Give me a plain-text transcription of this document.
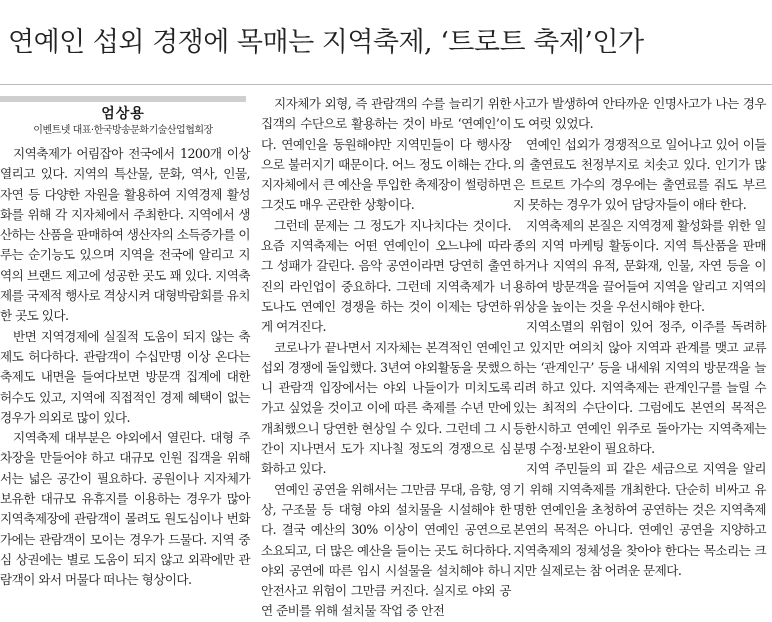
연예인 섭외 경쟁에 목매는 지역축제, ‘트로트 축제’인가
엄상용
이벤트넷 대표·한국방송문화기술산업협회장

지역축제가 어림잡아 전국에서 1200개 이상 열리고 있다. 지역의 특산물, 문화, 역사, 인물, 자연 등 다양한 자원을 활용하여 지역경제 활성화를 위해 각 지자체에서 주최한다. 지역에서 생산하는 산품을 판매하여 생산자의 소득증가를 이루는 순기능도 있으며 지역을 전국에 알리고 지역의 브랜드 제고에 성공한 곳도 꽤 있다. 지역축제를 국제적 행사로 격상시켜 대형박람회를 유치한 곳도 있다.

반면 지역경제에 실질적 도움이 되지 않는 축제도 허다하다. 관람객이 수십만명 이상 온다는 축제도 내면을 들여다보면 방문객 집계에 대한 허수도 있고, 지역에 직접적인 경제 혜택이 없는 경우가 의외로 많이 있다.

지역축제 대부분은 야외에서 열린다. 대형 주차장을 만들어야 하고 대규모 인원 집객을 위해서는 넓은 공간이 필요하다. 공원이나 지자체가 보유한 대규모 유휴지를 이용하는 경우가 많아 지역축제장에 관람객이 몰려도 원도심이나 번화가에는 관람객이 모이는 경우가 드물다. 지역 중심 상권에는 별로 도움이 되지 않고 외곽에만 관람객이 와서 머물다 떠나는 형상이다.

지자체가 외형, 즉 관람객의 수를 늘리기 위한 집객의 수단으로 활용하는 것이 바로 ‘연예인’이다. 연예인을 동원해야만 지역민들이 다 행사장으로 불러지기 때문이다. 어느 정도 이해는 간다. 지자체에서 큰 예산을 투입한 축제장이 썰렁하면 그것도 매우 곤란한 상황이다.

그런데 문제는 그 정도가 지나치다는 것이다. 요즘 지역축제는 어떤 연예인이 오느냐에 따라 그 성패가 갈린다. 음악 공연이라면 당연히 출연진의 라인업이 중요하다. 그런데 지역축제가 너도나도 연예인 경쟁을 하는 것이 이제는 당연하게 여겨진다.

코로나가 끝나면서 지자체는 본격적인 연예인 섭외 경쟁에 돌입했다. 3년여 야외활동을 못했으니 관람객 입장에서는 야외 나들이가 미치도록 가고 싶었을 것이고 이에 따른 축제를 수년 만에 개최했으니 당연한 현상일 수 있다. 그런데 그 시간이 지나면서 도가 지나칠 정도의 경쟁으로 심화하고 있다.

연예인 공연을 위해서는 그만큼 무대, 음향, 영상, 구조물 등 대형 야외 설치물을 시설해야 한다. 결국 예산의 30% 이상이 연예인 공연으로 소요되고, 더 많은 예산을 들이는 곳도 허다하다. 야외 공연에 따른 임시 시설물을 설치해야 하니 안전사고 위험이 그만큼 커진다. 실지로 야외 공연 준비를 위해 설치물 작업 중 안전

사고가 발생하여 안타까운 인명사고가 나는 경우도 여럿 있었다.

연예인 섭외가 경쟁적으로 일어나고 있어 이들의 출연료도 천정부지로 치솟고 있다. 인기가 많은 트로트 가수의 경우에는 출연료를 줘도 부르지 못하는 경우가 있어 담당자들이 애타 한다.

지역축제의 본질은 지역경제 활성화를 위한 일종의 지역 마케팅 활동이다. 지역 특산품을 판매하거나 지역의 유적, 문화재, 인물, 자연 등을 이용하여 방문객을 끌어들여 지역을 알리고 지역의 위상을 높이는 것을 우선시해야 한다.

지역소멸의 위험이 있어 정주, 이주를 독려하고 있지만 여의치 않아 지역과 관계를 맺고 교류하는 ‘관계인구’ 등을 내세워 지역의 방문객을 늘리려 하고 있다. 지역축제는 관계인구를 늘릴 수 있는 최적의 수단이다. 그럼에도 본연의 목적은 등한시하고 연예인 위주로 돌아가는 지역축제는 분명 수정·보완이 필요하다.

지역 주민들의 피 같은 세금으로 지역을 알리기 위해 지역축제를 개최한다. 단순히 비싸고 유명한 연예인을 초청하여 공연하는 것은 지역축제 본연의 목적은 아니다. 연예인 공연을 지양하고 지역축제의 정체성을 찾아야 한다는 목소리는 크지만 실제로는 참 어려운 문제다.
